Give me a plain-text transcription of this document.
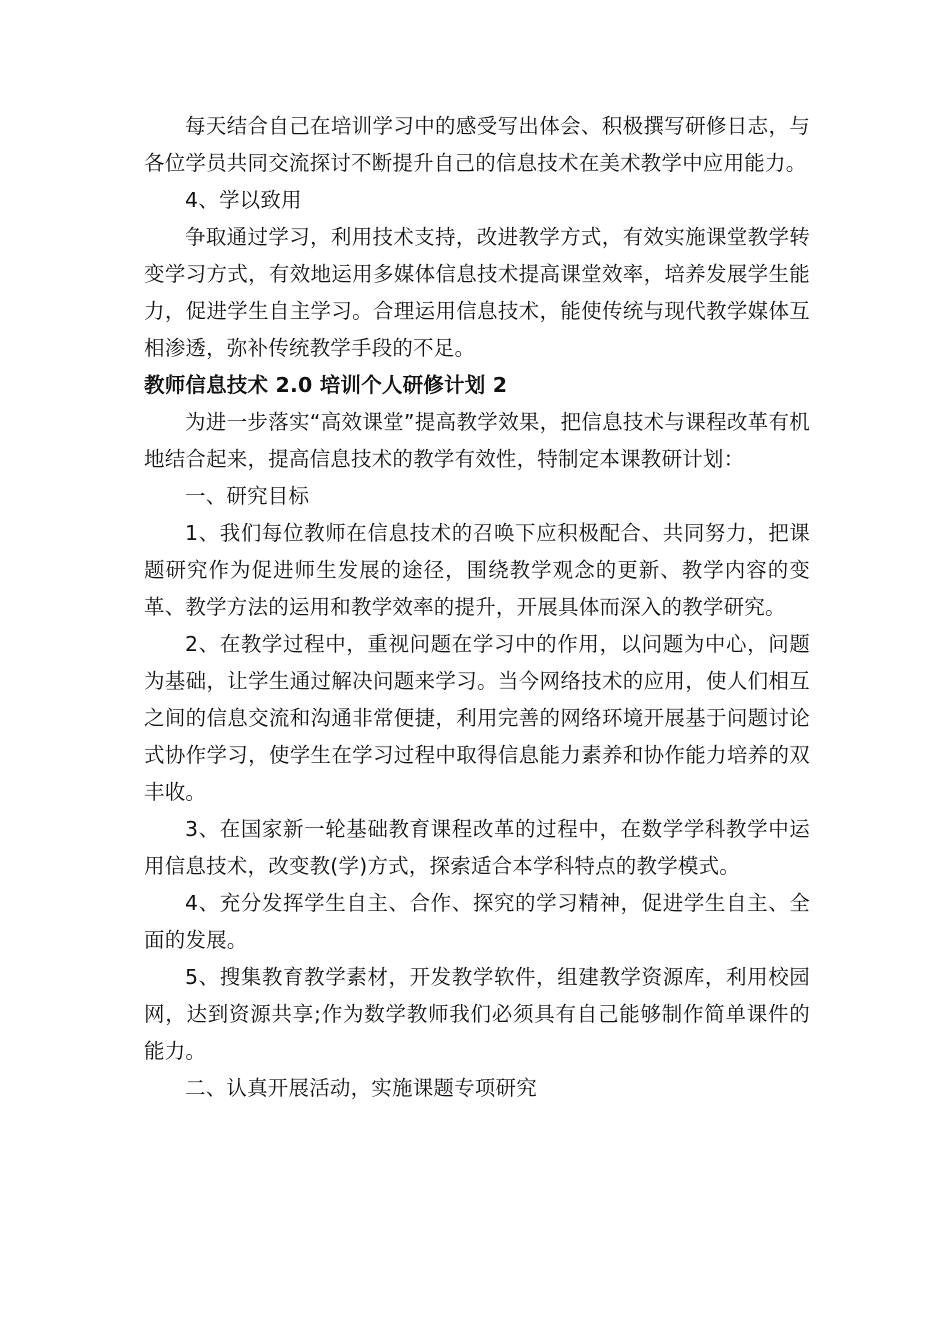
每天结合自己在培训学习中的感受写出体会、积极撰写研修日志，与各位学员共同交流探讨不断提升自己的信息技术在美术教学中应用能力。

4、学以致用

争取通过学习，利用技术支持，改进教学方式，有效实施课堂教学转变学习方式，有效地运用多媒体信息技术提高课堂效率，培养发展学生能力，促进学生自主学习。合理运用信息技术，能使传统与现代教学媒体互相渗透，弥补传统教学手段的不足。

教师信息技术 2.0 培训个人研修计划 2

为进一步落实“高效课堂”提高教学效果，把信息技术与课程改革有机地结合起来，提高信息技术的教学有效性，特制定本课教研计划：

一、研究目标

1、我们每位教师在信息技术的召唤下应积极配合、共同努力，把课题研究作为促进师生发展的途径，围绕教学观念的更新、教学内容的变革、教学方法的运用和教学效率的提升，开展具体而深入的教学研究。

2、在教学过程中，重视问题在学习中的作用，以问题为中心，问题为基础，让学生通过解决问题来学习。当今网络技术的应用，使人们相互之间的信息交流和沟通非常便捷，利用完善的网络环境开展基于问题讨论式协作学习，使学生在学习过程中取得信息能力素养和协作能力培养的双丰收。

3、在国家新一轮基础教育课程改革的过程中，在数学学科教学中运用信息技术，改变教(学)方式，探索适合本学科特点的教学模式。

4、充分发挥学生自主、合作、探究的学习精神，促进学生自主、全面的发展。

5、搜集教育教学素材，开发教学软件，组建教学资源库，利用校园网，达到资源共享;作为数学教师我们必须具有自己能够制作简单课件的能力。

二、认真开展活动，实施课题专项研究
